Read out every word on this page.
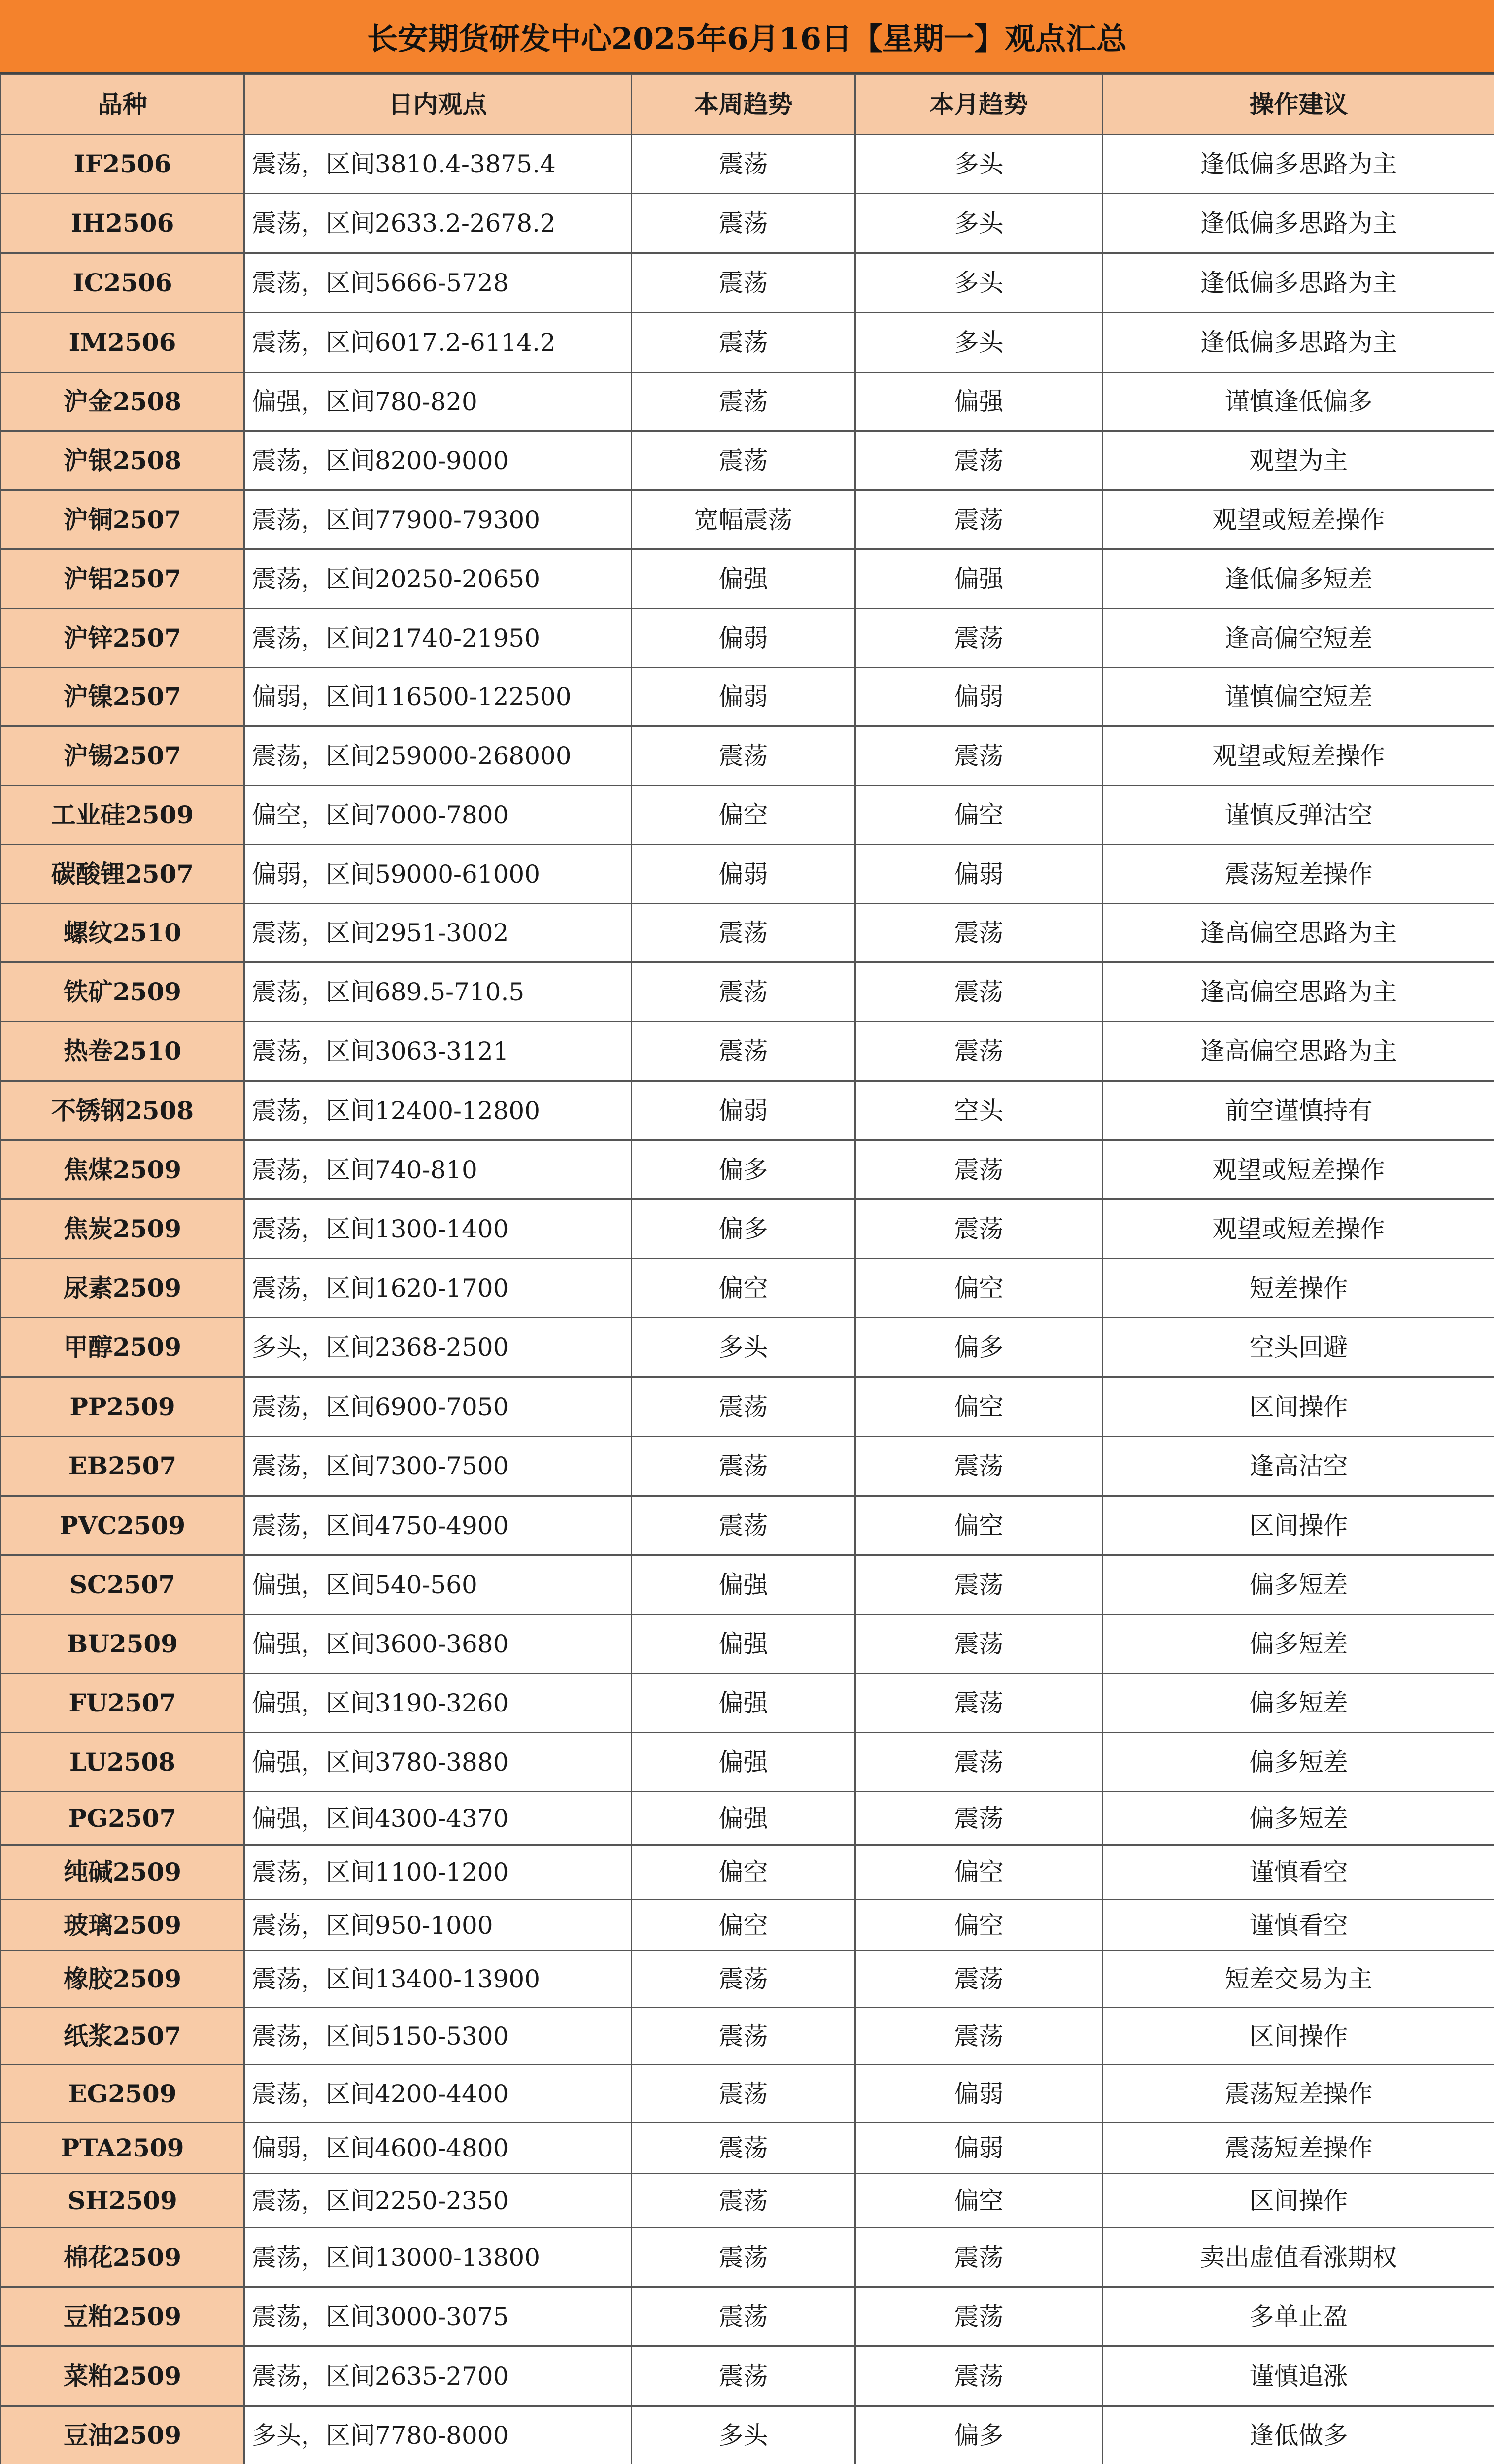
长安期货研发中心2025年6月16日【星期一】观点汇总
品种	日内观点	本周趋势	本月趋势	操作建议
IF2506	震荡，区间3810.4-3875.4	震荡	多头	逢低偏多思路为主
IH2506	震荡，区间2633.2-2678.2	震荡	多头	逢低偏多思路为主
IC2506	震荡，区间5666-5728	震荡	多头	逢低偏多思路为主
IM2506	震荡，区间6017.2-6114.2	震荡	多头	逢低偏多思路为主
沪金2508	偏强，区间780-820	震荡	偏强	谨慎逢低偏多
沪银2508	震荡，区间8200-9000	震荡	震荡	观望为主
沪铜2507	震荡，区间77900-79300	宽幅震荡	震荡	观望或短差操作
沪铝2507	震荡，区间20250-20650	偏强	偏强	逢低偏多短差
沪锌2507	震荡，区间21740-21950	偏弱	震荡	逢高偏空短差
沪镍2507	偏弱，区间116500-122500	偏弱	偏弱	谨慎偏空短差
沪锡2507	震荡，区间259000-268000	震荡	震荡	观望或短差操作
工业硅2509	偏空，区间7000-7800	偏空	偏空	谨慎反弹沽空
碳酸锂2507	偏弱，区间59000-61000	偏弱	偏弱	震荡短差操作
螺纹2510	震荡，区间2951-3002	震荡	震荡	逢高偏空思路为主
铁矿2509	震荡，区间689.5-710.5	震荡	震荡	逢高偏空思路为主
热卷2510	震荡，区间3063-3121	震荡	震荡	逢高偏空思路为主
不锈钢2508	震荡，区间12400-12800	偏弱	空头	前空谨慎持有
焦煤2509	震荡，区间740-810	偏多	震荡	观望或短差操作
焦炭2509	震荡，区间1300-1400	偏多	震荡	观望或短差操作
尿素2509	震荡，区间1620-1700	偏空	偏空	短差操作
甲醇2509	多头，区间2368-2500	多头	偏多	空头回避
PP2509	震荡，区间6900-7050	震荡	偏空	区间操作
EB2507	震荡，区间7300-7500	震荡	震荡	逢高沽空
PVC2509	震荡，区间4750-4900	震荡	偏空	区间操作
SC2507	偏强，区间540-560	偏强	震荡	偏多短差
BU2509	偏强，区间3600-3680	偏强	震荡	偏多短差
FU2507	偏强，区间3190-3260	偏强	震荡	偏多短差
LU2508	偏强，区间3780-3880	偏强	震荡	偏多短差
PG2507	偏强，区间4300-4370	偏强	震荡	偏多短差
纯碱2509	震荡，区间1100-1200	偏空	偏空	谨慎看空
玻璃2509	震荡，区间950-1000	偏空	偏空	谨慎看空
橡胶2509	震荡，区间13400-13900	震荡	震荡	短差交易为主
纸浆2507	震荡，区间5150-5300	震荡	震荡	区间操作
EG2509	震荡，区间4200-4400	震荡	偏弱	震荡短差操作
PTA2509	偏弱，区间4600-4800	震荡	偏弱	震荡短差操作
SH2509	震荡，区间2250-2350	震荡	偏空	区间操作
棉花2509	震荡，区间13000-13800	震荡	震荡	卖出虚值看涨期权
豆粕2509	震荡，区间3000-3075	震荡	震荡	多单止盈
菜粕2509	震荡，区间2635-2700	震荡	震荡	谨慎追涨
豆油2509	多头，区间7780-8000	多头	偏多	逢低做多
